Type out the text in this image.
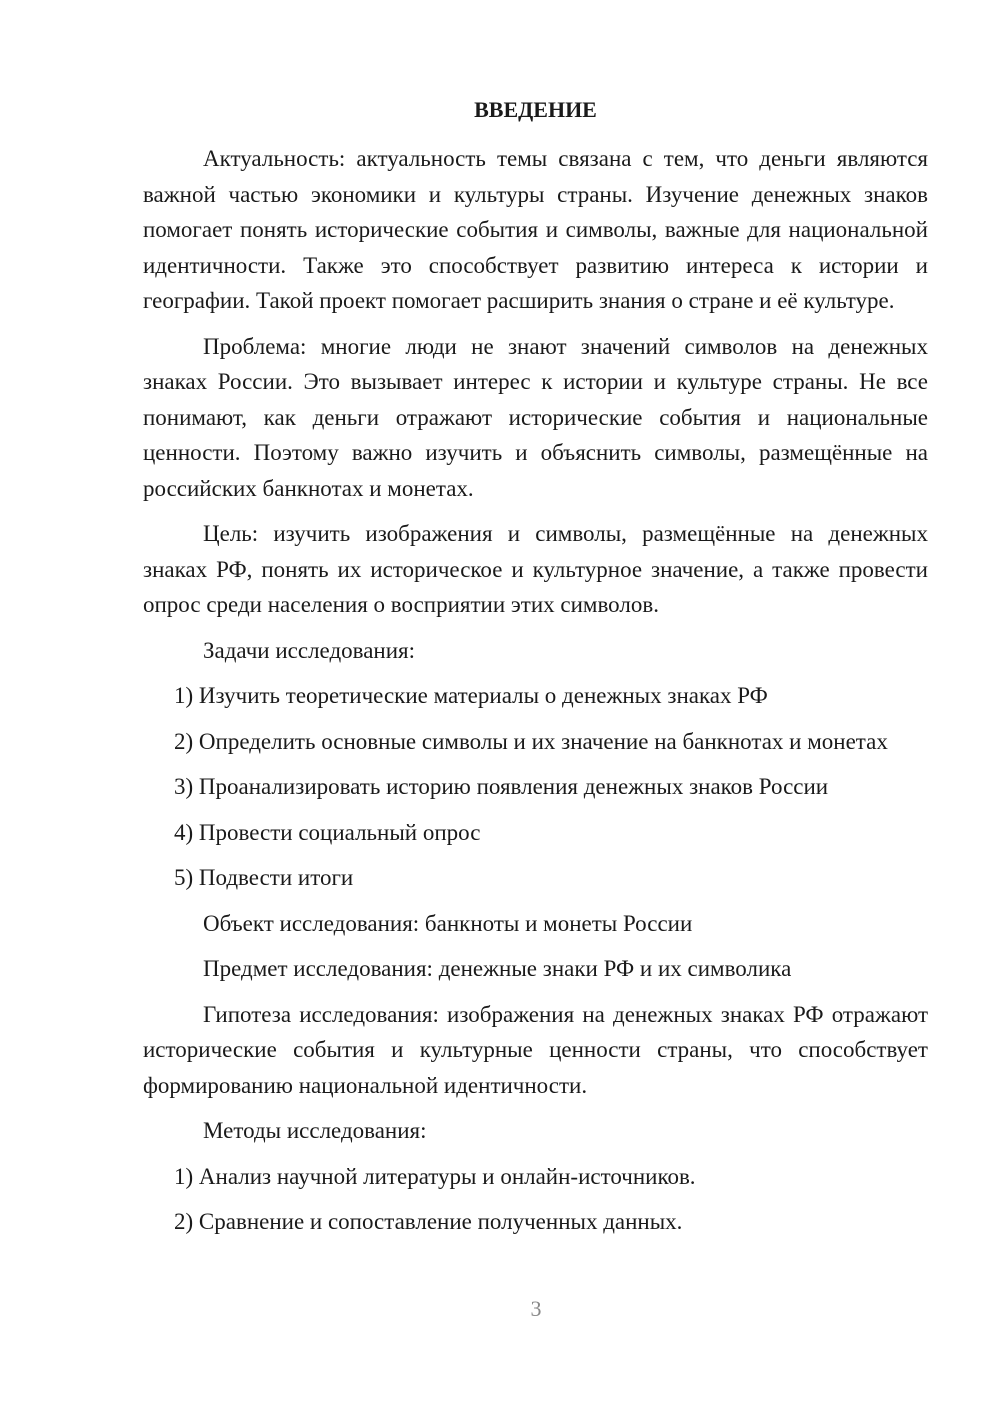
ВВЕДЕНИЕ

Актуальность: актуальность темы связана с тем, что деньги являются важной частью экономики и культуры страны. Изучение денежных знаков помогает понять исторические события и символы, важные для национальной идентичности. Также это способствует развитию интереса к истории и географии. Такой проект помогает расширить знания о стране и её культуре.

Проблема: многие люди не знают значений символов на денежных знаках России. Это вызывает интерес к истории и культуре страны. Не все понимают, как деньги отражают исторические события и национальные ценности. Поэтому важно изучить и объяснить символы, размещённые на российских банкнотах и монетах.

Цель: изучить изображения и символы, размещённые на денежных знаках РФ, понять их историческое и культурное значение, а также провести опрос среди населения о восприятии этих символов.

Задачи исследования:

1) Изучить теоретические материалы о денежных знаках РФ

2) Определить основные символы и их значение на банкнотах и монетах

3) Проанализировать историю появления денежных знаков России

4) Провести социальный опрос

5) Подвести итоги

Объект исследования: банкноты и монеты России

Предмет исследования: денежные знаки РФ и их символика

Гипотеза исследования: изображения на денежных знаках РФ отражают исторические события и культурные ценности страны, что способствует формированию национальной идентичности.

Методы исследования:

1) Анализ научной литературы и онлайн-источников.

2) Сравнение и сопоставление полученных данных.

3
